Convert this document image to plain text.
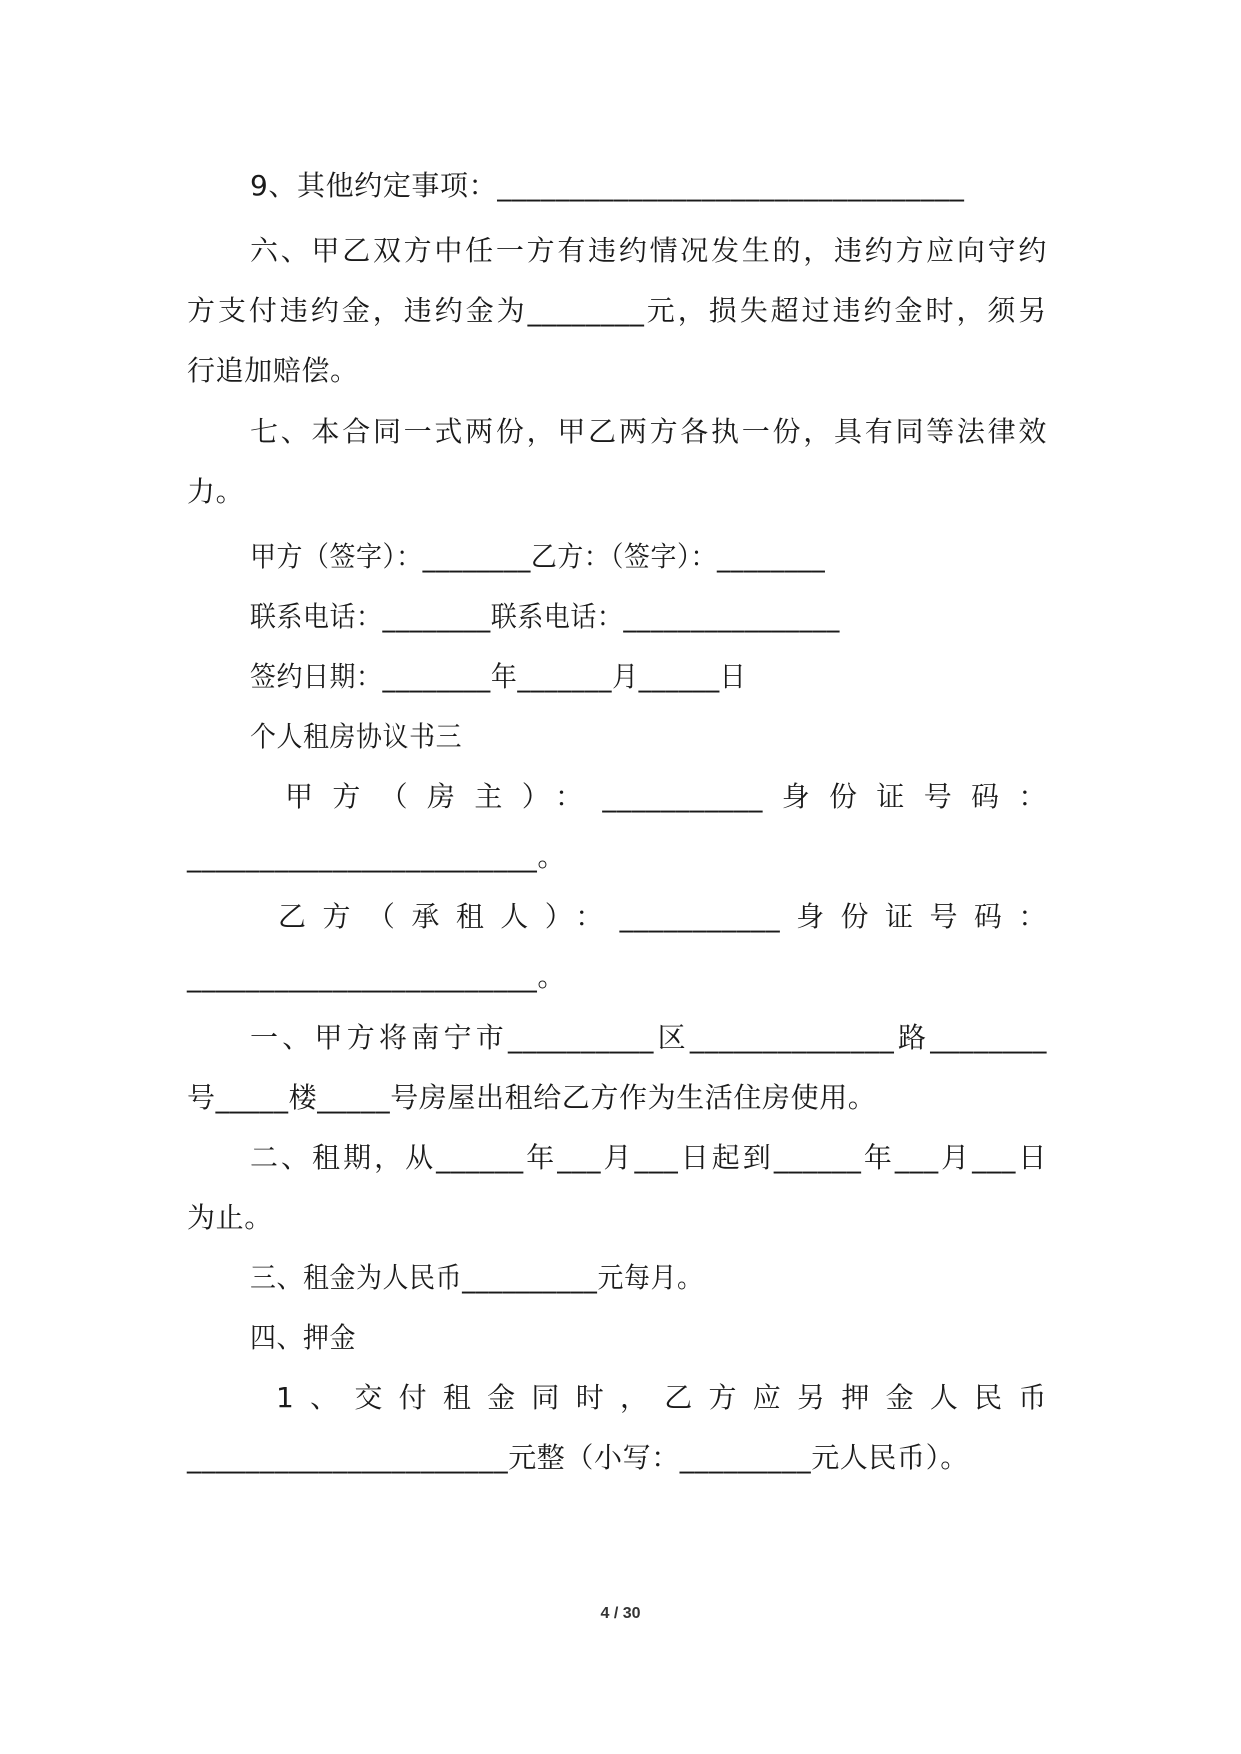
9、其他约定事项：________________________________
六、甲乙双方中任一方有违约情况发生的，违约方应向守约
方支付违约金，违约金为________元，损失超过违约金时，须另
行追加赔偿。
七、本合同一式两份，甲乙两方各执一份，具有同等法律效
力。
甲方（签字）：________乙方：（签字）：________
联系电话：________联系电话：________________
签约日期：________年_______月______日
个人租房协议书三
甲方（房主）：___________身份证号码：
________________________。
乙方（承租人）：___________身份证号码：
________________________。
一、甲方将南宁市__________区______________路________
号_____楼_____号房屋出租给乙方作为生活住房使用。
二、租期，从______年___月___日起到______年___月___日
为止。
三、租金为人民币__________元每月。
四、押金
1、交付租金同时，乙方应另押金人民币
______________________元整（小写：_________元人民币）。
4 / 30
